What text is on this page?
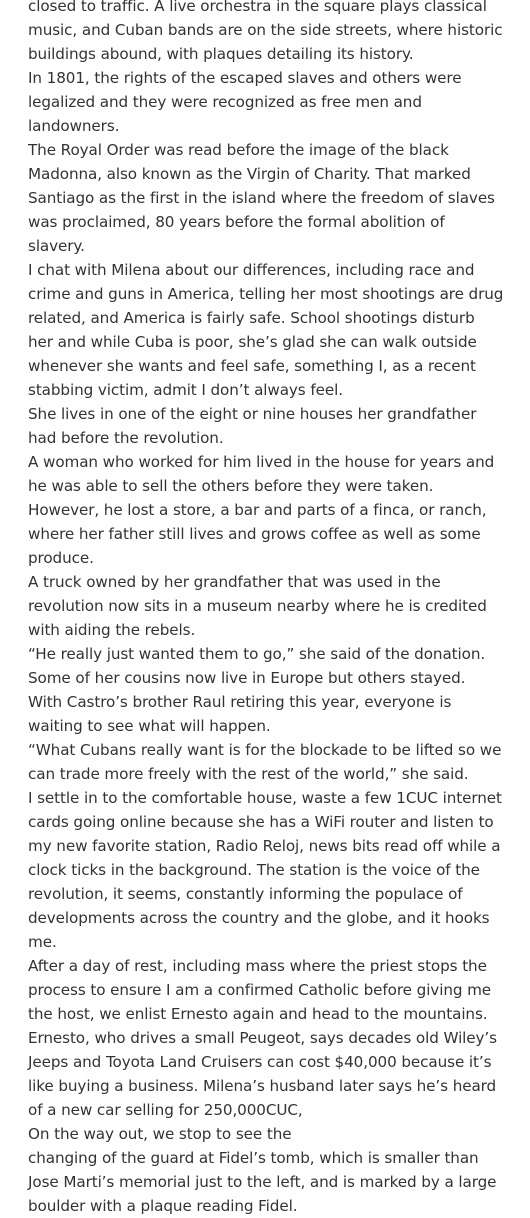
closed to traffic. A live orchestra in the square plays classical music, and Cuban bands are on the side streets, where historic buildings abound, with plaques detailing its history.

In 1801, the rights of the escaped slaves and others were legalized and they were recognized as free men and landowners.

The Royal Order was read before the image of the black Madonna, also known as the Virgin of Charity. That marked Santiago as the first in the island where the freedom of slaves was proclaimed, 80 years before the formal abolition of slavery.

I chat with Milena about our differences, including race and crime and guns in America, telling her most shootings are drug related, and America is fairly safe. School shootings disturb her and while Cuba is poor, she’s glad she can walk outside whenever she wants and feel safe, something I, as a recent stabbing victim, admit I don’t always feel.

She lives in one of the eight or nine houses her grandfather had before the revolution.

A woman who worked for him lived in the house for years and he was able to sell the others before they were taken. However, he lost a store, a bar and parts of a finca, or ranch, where her father still lives and grows coffee as well as some produce.

A truck owned by her grandfather that was used in the revolution now sits in a museum nearby where he is credited with aiding the rebels.

“He really just wanted them to go,” she said of the donation.

Some of her cousins now live in Europe but others stayed. With Castro’s brother Raul retiring this year, everyone is waiting to see what will happen.

“What Cubans really want is for the blockade to be lifted so we can trade more freely with the rest of the world,” she said.

I settle in to the comfortable house, waste a few 1CUC internet cards going online because she has a WiFi router and listen to my new favorite station, Radio Reloj, news bits read off while a clock ticks in the background. The station is the voice of the revolution, it seems, constantly informing the populace of developments across the country and the globe, and it hooks me.

After a day of rest, including mass where the priest stops the process to ensure I am a confirmed Catholic before giving me the host, we enlist Ernesto again and head to the mountains.

Ernesto, who drives a small Peugeot, says decades old Wiley’s Jeeps and Toyota Land Cruisers can cost $40,000 because it’s like buying a business. Milena’s husband later says he’s heard of a new car selling for 250,000CUC,

On the way out, we stop to see the

changing of the guard at Fidel’s tomb, which is smaller than Jose Marti’s memorial just to the left, and is marked by a large boulder with a plaque reading Fidel.
